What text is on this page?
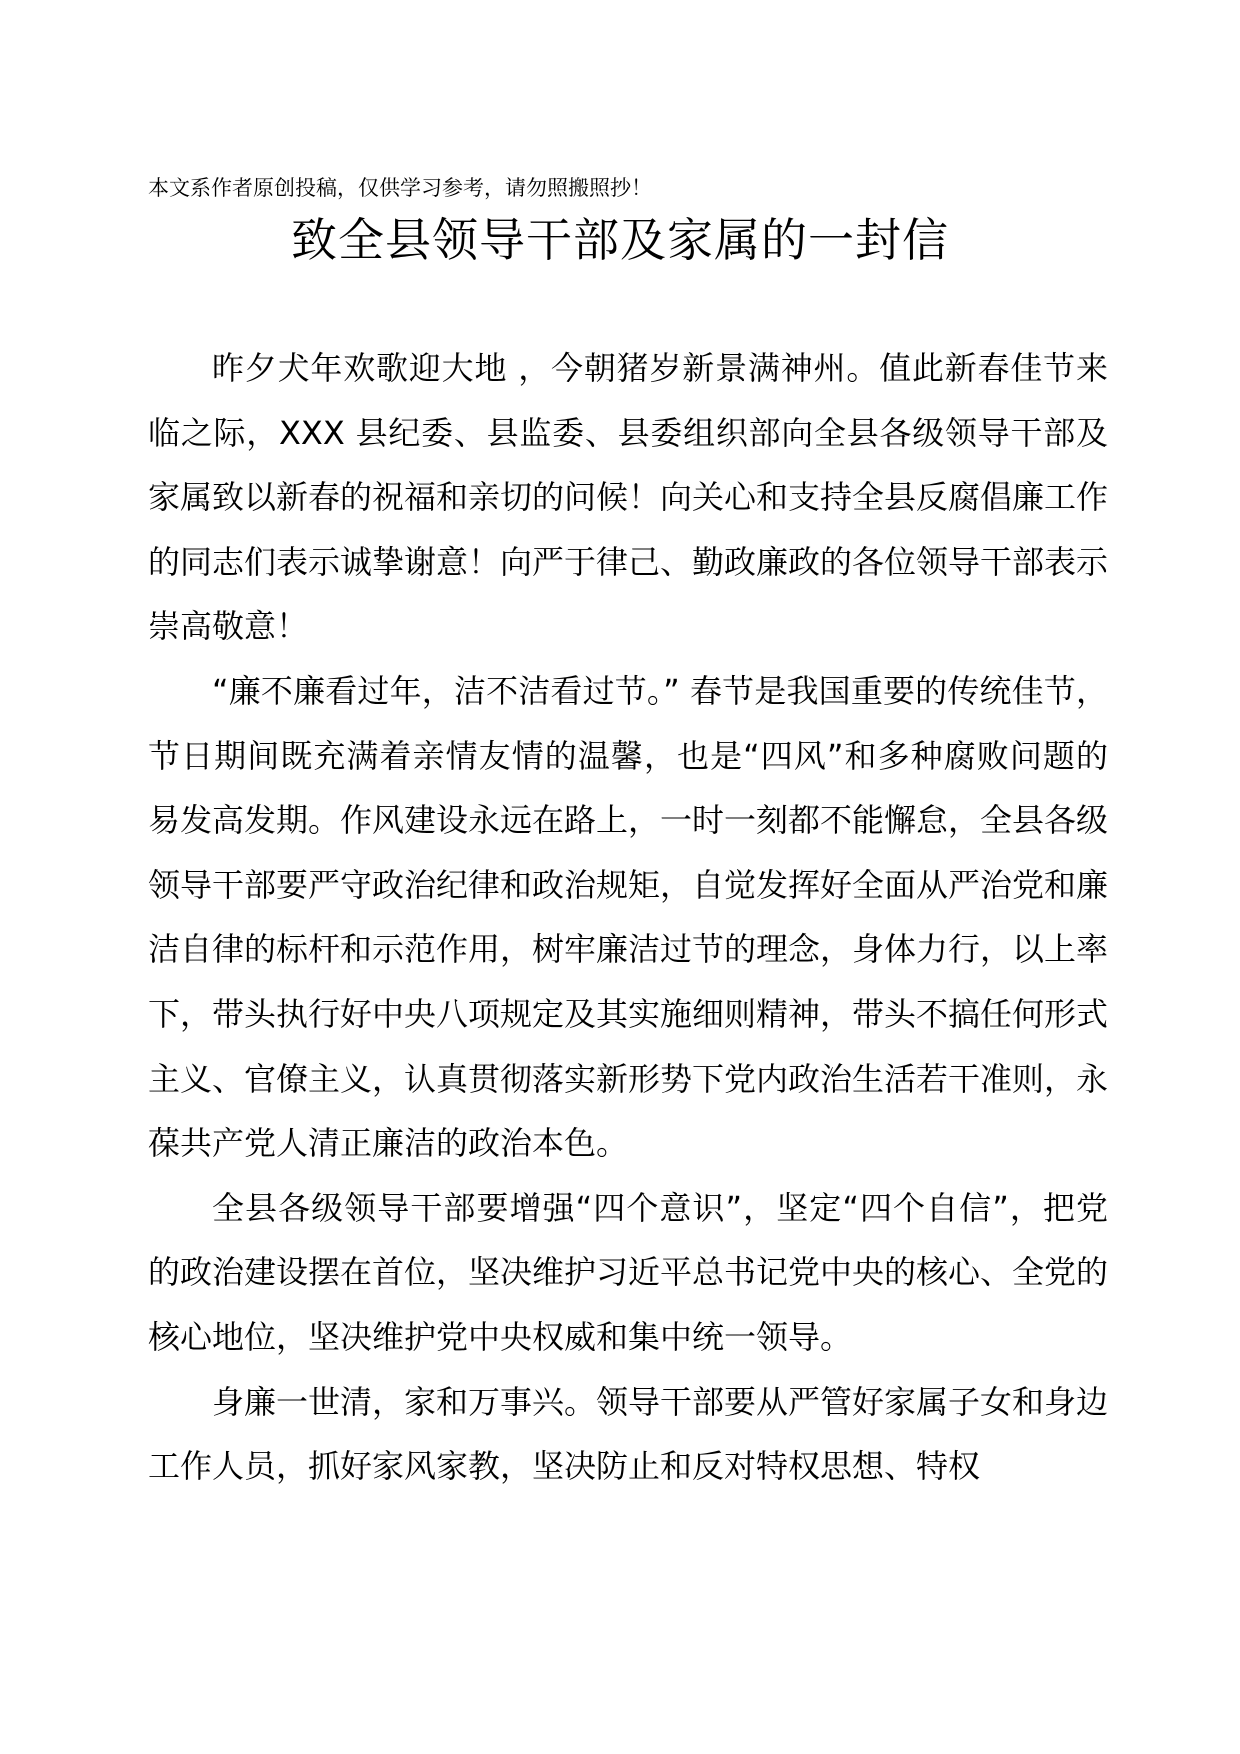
本文系作者原创投稿，仅供学习参考，请勿照搬照抄！
致全县领导干部及家属的一封信

昨夕犬年欢歌迎大地 ，今朝猪岁新景满神州。值此新春佳节来临之际，XXX 县纪委、县监委、县委组织部向全县各级领导干部及家属致以新春的祝福和亲切的问候！向关心和支持全县反腐倡廉工作的同志们表示诚挚谢意！向严于律己、勤政廉政的各位领导干部表示崇高敬意！

“廉不廉看过年，洁不洁看过节。” 春节是我国重要的传统佳节，节日期间既充满着亲情友情的温馨，也是“四风”和多种腐败问题的易发高发期。作风建设永远在路上，一时一刻都不能懈怠，全县各级领导干部要严守政治纪律和政治规矩，自觉发挥好全面从严治党和廉洁自律的标杆和示范作用，树牢廉洁过节的理念，身体力行，以上率下，带头执行好中央八项规定及其实施细则精神，带头不搞任何形式主义、官僚主义，认真贯彻落实新形势下党内政治生活若干准则，永葆共产党人清正廉洁的政治本色。

全县各级领导干部要增强“四个意识”，坚定“四个自信”，把党的政治建设摆在首位，坚决维护习近平总书记党中央的核心、全党的核心地位，坚决维护党中央权威和集中统一领导。

身廉一世清，家和万事兴。领导干部要从严管好家属子女和身边工作人员，抓好家风家教，坚决防止和反对特权思想、特权
